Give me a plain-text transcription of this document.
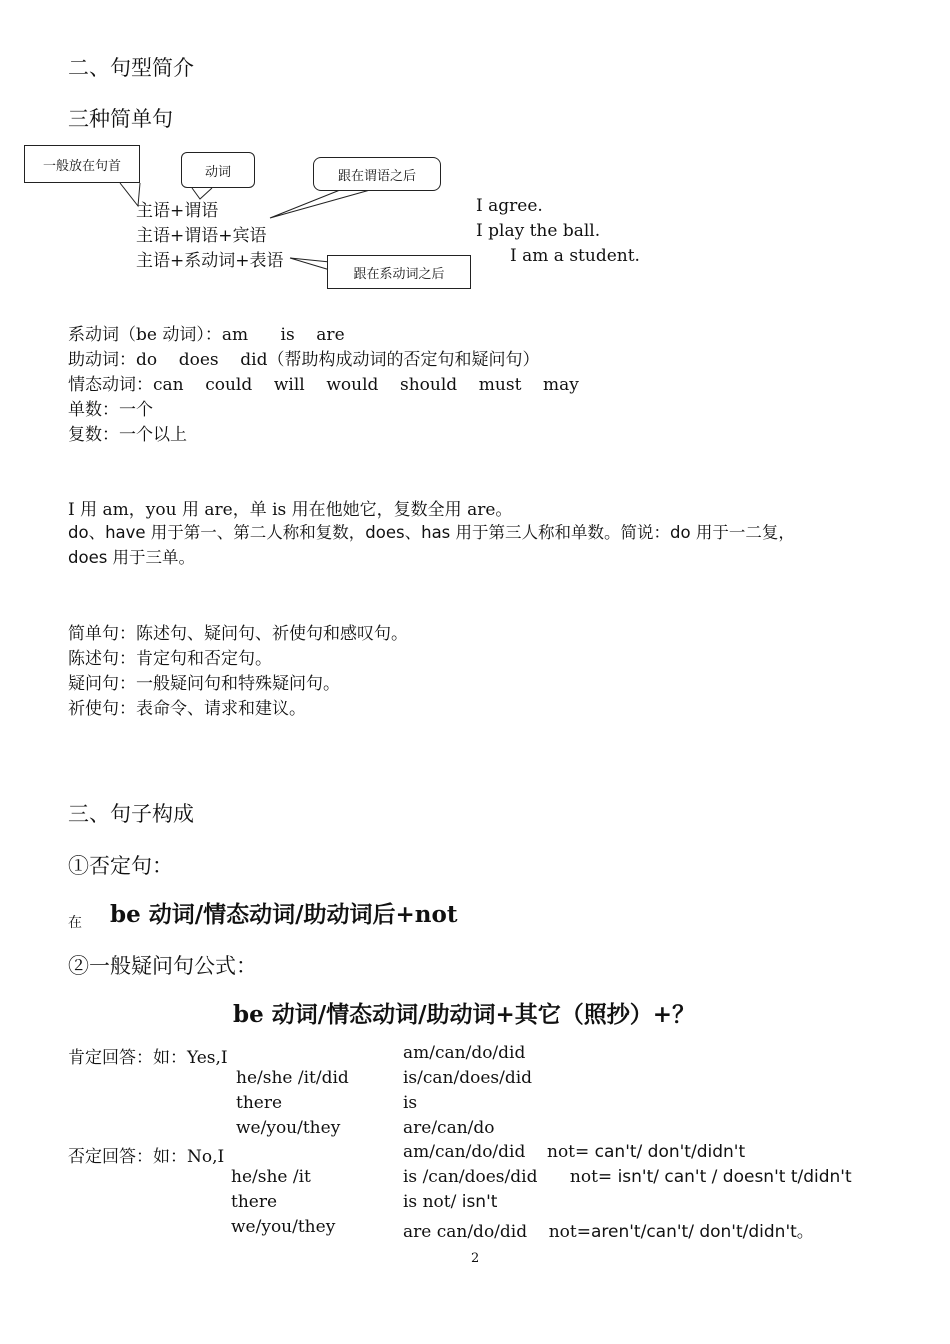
二、句型简介
三种简单句
一般放在句首	动词	跟在谓语之后
跟在系动词之后
主语+谓语
主语+谓语+宾语
主语+系动词+表语
I agree.
I play the ball.
I am a student.
系动词（be 动词）：am      is    are
助动词：do    does    did（帮助构成动词的否定句和疑问句）
情态动词：can    could    will    would    should    must    may
单数：一个
复数：一个以上
I 用 am，you 用 are，单 is 用在他她它，复数全用 are。
do、have 用于第一、第二人称和复数，does、has 用于第三人称和单数。简说：do 用于一二复，
does 用于三单。
简单句：陈述句、疑问句、祈使句和感叹句。
陈述句：肯定句和否定句。
疑问句：一般疑问句和特殊疑问句。
祈使句：表命令、请求和建议。
三、句子构成
①否定句：
在 be 动词/情态动词/助动词后+not
②一般疑问句公式：
be 动词/情态动词/助动词+其它（照抄）+？
肯定回答：如：Yes,I	am/can/do/did
he/she /it/did	is/can/does/did
there	is
we/you/they	are/can/do
否定回答：如：No,I	am/can/do/did    not= can't/ don't/didn't
he/she /it	is /can/does/did      not= isn't/ can't / doesn't t/didn't
there	is not/ isn't
we/you/they	are can/do/did    not=aren't/can't/ don't/didn't。
2
